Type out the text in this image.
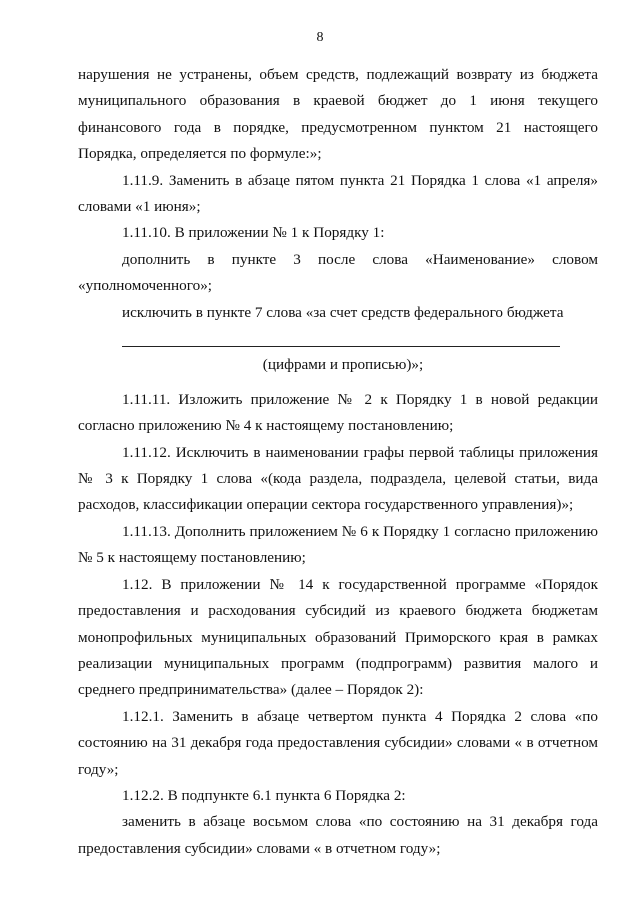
8

нарушения не устранены, объем средств, подлежащий возврату из бюджета муниципального образования в краевой бюджет до 1 июня текущего финансового года в порядке, предусмотренном пунктом 21 настоящего Порядка, определяется по формуле:»;

1.11.9. Заменить в абзаце пятом пункта 21 Порядка 1 слова «1 апреля» словами «1 июня»;

1.11.10. В приложении № 1 к Порядку 1:

дополнить в пункте 3 после слова «Наименование» словом «уполномоченного»;

исключить в пункте 7 слова «за счет средств федерального бюджета

(цифрами и прописью)»;

1.11.11. Изложить приложение № 2 к Порядку 1 в новой редакции согласно приложению № 4 к настоящему постановлению;

1.11.12. Исключить в наименовании графы первой таблицы приложения № 3 к Порядку 1 слова «(кода раздела, подраздела, целевой статьи, вида расходов, классификации операции сектора государственного управления)»;

1.11.13. Дополнить приложением № 6 к Порядку 1 согласно приложению № 5 к настоящему постановлению;

1.12. В приложении № 14 к государственной программе «Порядок предоставления и расходования субсидий из краевого бюджета бюджетам монопрофильных муниципальных образований Приморского края в рамках реализации муниципальных программ (подпрограмм) развития малого и среднего предпринимательства» (далее – Порядок 2):

1.12.1. Заменить в абзаце четвертом пункта 4 Порядка 2 слова «по состоянию на 31 декабря года предоставления субсидии» словами « в отчетном году»;

1.12.2. В подпункте 6.1 пункта 6 Порядка 2:

заменить в абзаце восьмом слова «по состоянию на 31 декабря года предоставления субсидии» словами « в отчетном году»;
